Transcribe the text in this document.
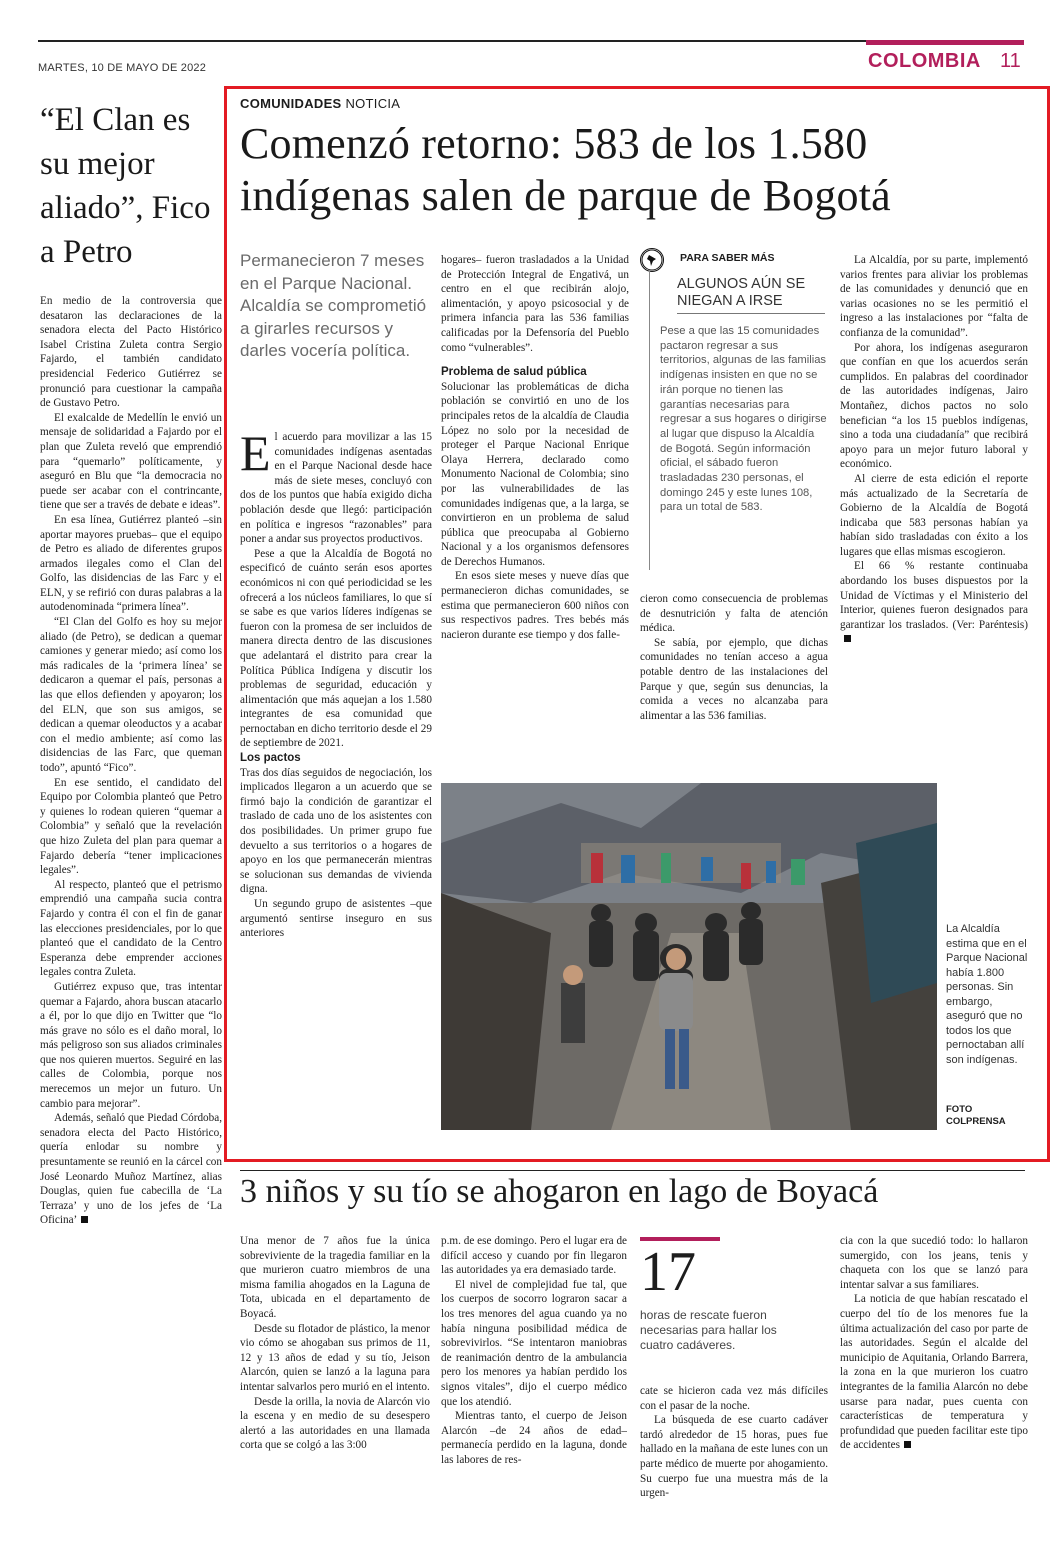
MARTES, 10 DE MAYO DE 2022	COLOMBIA 11
“El Clan es su mejor aliado”, Fico a Petro

En medio de la controversia que desataron las declaraciones de la senadora electa del Pacto Histórico Isabel Cristina Zuleta contra Sergio Fajardo, el también candidato presidencial Federico Gutiérrez se pronunció para cuestionar la campaña de Gustavo Petro.

El exalcalde de Medellín le envió un mensaje de solidaridad a Fajardo por el plan que Zuleta reveló que emprendió para “quemarlo” políticamente, y aseguró en Blu que “la democracia no puede ser acabar con el contrincante, tiene que ser a través de debate e ideas”.

En esa línea, Gutiérrez planteó –sin aportar mayores pruebas– que el equipo de Petro es aliado de diferentes grupos armados ilegales como el Clan del Golfo, las disidencias de las Farc y el ELN, y se refirió con duras palabras a la autodenominada “primera línea”.

“El Clan del Golfo es hoy su mejor aliado (de Petro), se dedican a quemar camiones y generar miedo; así como los más radicales de la ‘primera línea’ se dedicaron a quemar el país, personas a las que ellos defienden y apoyaron; los del ELN, que son sus amigos, se dedican a quemar oleoductos y a acabar con el medio ambiente; así como las disidencias de las Farc, que queman todo”, apuntó “Fico”.

En ese sentido, el candidato del Equipo por Colombia planteó que Petro y quienes lo rodean quieren “quemar a Colombia” y señaló que la revelación que hizo Zuleta del plan para quemar a Fajardo debería “tener implicaciones legales”.

Al respecto, planteó que el petrismo emprendió una campaña sucia contra Fajardo y contra él con el fin de ganar las elecciones presidenciales, por lo que planteó que el candidato de la Centro Esperanza debe emprender acciones legales contra Zuleta.

Gutiérrez expuso que, tras intentar quemar a Fajardo, ahora buscan atacarlo a él, por lo que dijo en Twitter que “lo más grave no sólo es el daño moral, lo más peligroso son sus aliados criminales que nos quieren muertos. Seguiré en las calles de Colombia, porque nos merecemos un mejor un futuro. Un cambio para mejorar”.

Además, señaló que Piedad Córdoba, senadora electa del Pacto Histórico, quería enlodar su nombre y presuntamente se reunió en la cárcel con José Leonardo Muñoz Martínez, alias Douglas, quien fue cabecilla de ‘La Terraza’ y uno de los jefes de ‘La Oficina’

COMUNIDADES NOTICIA
Comenzó retorno: 583 de los 1.580 indígenas salen de parque de Bogotá
Permanecieron 7 meses en el Parque Nacional. Alcaldía se comprometió a girarles recursos y darles vocería política.

El acuerdo para movilizar a las 15 comunidades indígenas asentadas en el Parque Nacional desde hace más de siete meses, concluyó con dos de los puntos que había exigido dicha población desde que llegó: participación en política e ingresos “razonables” para poner a andar sus proyectos productivos.

Pese a que la Alcaldía de Bogotá no especificó de cuánto serán esos aportes económicos ni con qué periodicidad se les ofrecerá a los núcleos familiares, lo que sí se sabe es que varios líderes indígenas se fueron con la promesa de ser incluidos de manera directa dentro de las discusiones que adelantará el distrito para crear la Política Pública Indígena y discutir los problemas de seguridad, educación y alimentación que más aquejan a los 1.580 integrantes de esa comunidad que pernoctaban en dicho territorio desde el 29 de septiembre de 2021.

Los pactos

Tras dos días seguidos de negociación, los implicados llegaron a un acuerdo que se firmó bajo la condición de garantizar el traslado de cada uno de los asistentes con dos posibilidades. Un primer grupo fue devuelto a sus territorios o a hogares de apoyo en los que permanecerán mientras se solucionan sus demandas de vivienda digna.

Un segundo grupo de asistentes –que argumentó sentirse inseguro en sus anteriores

hogares– fueron trasladados a la Unidad de Protección Integral de Engativá, un centro en el que recibirán alojo, alimentación, y apoyo psicosocial y de primera infancia para las 536 familias calificadas por la Defensoría del Pueblo como “vulnerables”.

Problema de salud pública

Solucionar las problemáticas de dicha población se convirtió en uno de los principales retos de la alcaldía de Claudia López no solo por la necesidad de proteger el Parque Nacional Enrique Olaya Herrera, declarado como Monumento Nacional de Colombia; sino por las vulnerabilidades de las comunidades indígenas que, a la larga, se convirtieron en un problema de salud pública que preocupaba al Gobierno Nacional y a los organismos defensores de Derechos Humanos.

En esos siete meses y nueve días que permanecieron dichas comunidades, se estima que permanecieron 600 niños con sus respectivos padres. Tres bebés más nacieron durante ese tiempo y dos falle-

PARA SABER MÁS
ALGUNOS AÚN SE NIEGAN A IRSE
Pese a que las 15 comunidades pactaron regresar a sus territorios, algunas de las familias indígenas insisten en que no se irán porque no tienen las garantías necesarias para regresar a sus hogares o dirigirse al lugar que dispuso la Alcaldía de Bogotá. Según información oficial, el sábado fueron trasladadas 230 personas, el domingo 245 y este lunes 108, para un total de 583.

cieron como consecuencia de problemas de desnutrición y falta de atención médica.

Se sabía, por ejemplo, que dichas comunidades no tenían acceso a agua potable dentro de las instalaciones del Parque y que, según sus denuncias, la comida a veces no alcanzaba para alimentar a las 536 familias.

La Alcaldía, por su parte, implementó varios frentes para aliviar los problemas de las comunidades y denunció que en varias ocasiones no se les permitió el ingreso a las instalaciones por “falta de confianza de la comunidad”.

Por ahora, los indígenas aseguraron que confían en que los acuerdos serán cumplidos. En palabras del coordinador de las autoridades indígenas, Jairo Montañez, dichos pactos no solo benefician “a los 15 pueblos indígenas, sino a toda una ciudadanía” que recibirá apoyo para un mejor futuro laboral y económico.

Al cierre de esta edición el reporte más actualizado de la Secretaría de Gobierno de la Alcaldía de Bogotá indicaba que 583 personas habían ya habían sido trasladadas con éxito a los lugares que ellas mismas escogieron.

El 66 % restante continuaba abordando los buses dispuestos por la Unidad de Víctimas y el Ministerio del Interior, quienes fueron designados para garantizar los traslados. (Ver: Paréntesis)

La Alcaldía estima que en el Parque Nacional había 1.800 personas. Sin embargo, aseguró que no todos los que pernoctaban allí son indígenas.
FOTO COLPRENSA
3 niños y su tío se ahogaron en lago de Boyacá

Una menor de 7 años fue la única sobreviviente de la tragedia familiar en la que murieron cuatro miembros de una misma familia ahogados en la Laguna de Tota, ubicada en el departamento de Boyacá.

Desde su flotador de plástico, la menor vio cómo se ahogaban sus primos de 11, 12 y 13 años de edad y su tío, Jeison Alarcón, quien se lanzó a la laguna para intentar salvarlos pero murió en el intento.

Desde la orilla, la novia de Alarcón vio la escena y en medio de su desespero alertó a las autoridades en una llamada corta que se colgó a las 3:00

p.m. de ese domingo. Pero el lugar era de difícil acceso y cuando por fin llegaron las autoridades ya era demasiado tarde.

El nivel de complejidad fue tal, que los cuerpos de socorro lograron sacar a los tres menores del agua cuando ya no había ninguna posibilidad médica de sobrevivirlos. “Se intentaron maniobras de reanimación dentro de la ambulancia pero los menores ya habían perdido los signos vitales”, dijo el cuerpo médico que los atendió.

Mientras tanto, el cuerpo de Jeison Alarcón –de 24 años de edad– permanecía perdido en la laguna, donde las labores de res-

17
horas de rescate fueron necesarias para hallar los cuatro cadáveres.

cate se hicieron cada vez más difíciles con el pasar de la noche.

La búsqueda de ese cuarto cadáver tardó alrededor de 15 horas, pues fue hallado en la mañana de este lunes con un parte médico de muerte por ahogamiento. Su cuerpo fue una muestra más de la urgen-

cia con la que sucedió todo: lo hallaron sumergido, con los jeans, tenis y chaqueta con los que se lanzó para intentar salvar a sus familiares.

La noticia de que habían rescatado el cuerpo del tío de los menores fue la última actualización del caso por parte de las autoridades. Según el alcalde del municipio de Aquitania, Orlando Barrera, la zona en la que murieron los cuatro integrantes de la familia Alarcón no debe usarse para nadar, pues cuenta con características de temperatura y profundidad que pueden facilitar este tipo de accidentes
